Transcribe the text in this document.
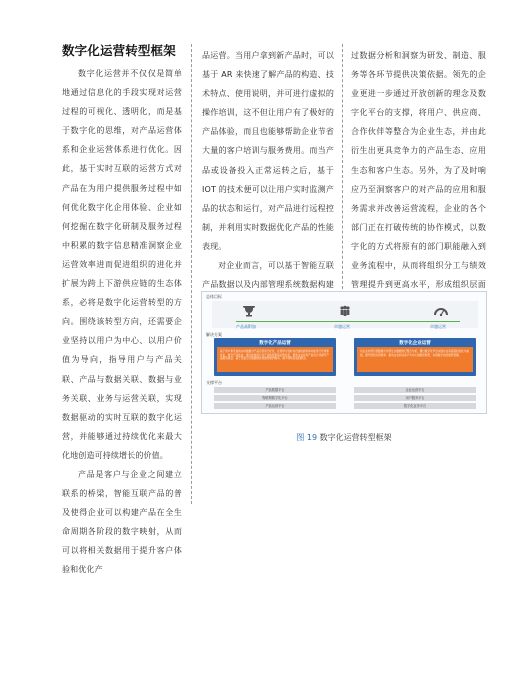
数字化运营转型框架

数字化运营并不仅仅是简单地通过信息化的手段实现对运营过程的可视化、透明化，而是基于数字化的思维，对产品运营体系和企业运营体系进行优化。因此，基于实时互联的运营方式对产品在为用户提供服务过程中如何优化数字化企用体验、企业如何挖掘在数字化研制及服务过程中积累的数字信息精准洞察企业运营效率进而促进组织的进化并扩展为跨上下游供应链的生态体系，必将是数字化运营转型的方向。围绕该转型方向，还需要企业坚持以用户为中心、以用户价值为导向，指导用户与产品关联、产品与数据关联、数据与业务关联、业务与运营关联，实现数据驱动的实时互联的数字化运营，并能够通过持续优化来最大化地创造可持续增长的价值。

产品是客户与企业之间建立联系的桥梁，智能互联产品的普及使得企业可以构建产品在全生命周期各阶段的数字映射，从而可以将相关数据用于提升客户体验和优化产

品运营。当用户拿到新产品时，可以基于 AR 来快速了解产品的构造、技术特点、使用说明，并可进行虚拟的操作培训，这不但让用户有了极好的产品体验，而且也能够帮助企业节省大量的客户培训与服务费用。而当产品或设备投入正常运转之后，基于 IOT 的技术便可以让用户实时监测产品的状态和运行，对产品进行远程控制，并利用实时数据优化产品的性能表现。

对企业而言，可以基于智能互联产品数据以及内部管理系统数据构建

过数据分析和洞察为研发、制造、服务等各环节提供决策依据。领先的企业更进一步通过开放创新的理念及数字化平台的支撑，将用户、供应商、合作伙伴等整合为企业生态，并由此衍生出更具竞争力的产品生态、应用生态和客户生态。另外，为了及时响应乃至洞察客户的对产品的应用和服务需求并改善运营流程，企业的各个部门正在打破传统的协作模式，以数字化的方式将原有的部门职能融入到业务流程中，从而将组织分工与绩效管理提升到更高水平，形成组织层面

总体目标
产品高附加	卓越运营	卓越运营
解决方案
数字化产品运营
基于用户和设备的实时数据对产品运营进行优化，在使用中及时对设备的固件和功能进行升级和优化，提升产品性能；通过收集用户对产品的使用和反馈信息，帮助企业改进产品设计并提升产品服务质量；基于设备运行数据提供预测性维护服务，减少停机造成的损失。
数字化企业运营
对企业内部运营数据与外部生态数据进行整合分析，通过数字化平台实现对业务流程的优化与重组，提升组织运营效率；推动企业向以客户为中心的组织转型，实现数字化的组织管理。
支撑平台
产品数据平台
物联网数字化平台
产品运营平台
企业运营平台
用户服务平台
数字化业务平台
图 19 数字化运营转型框架
